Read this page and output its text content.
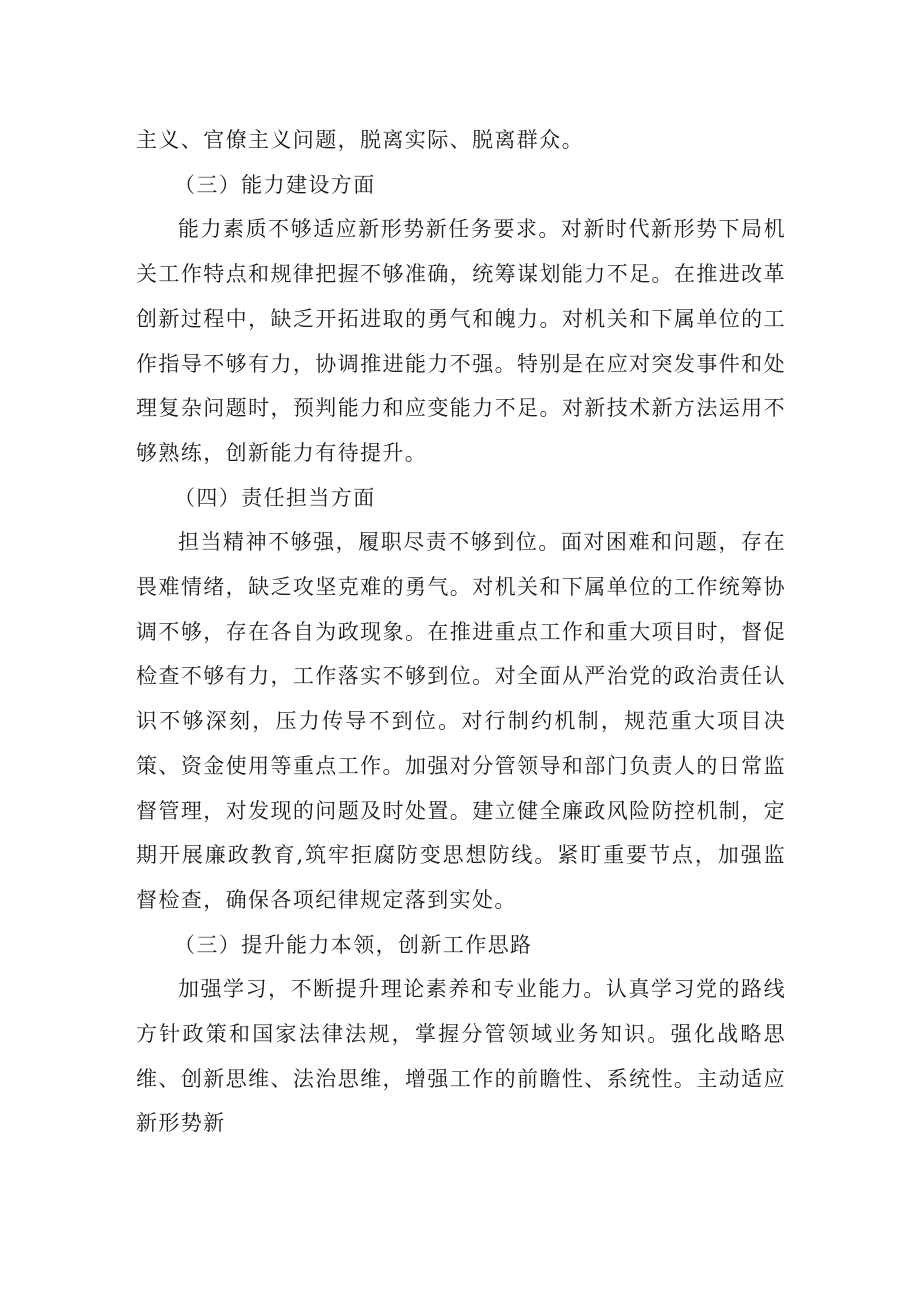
主义、官僚主义问题，脱离实际、脱离群众。

（三）能力建设方面

能力素质不够适应新形势新任务要求。对新时代新形势下局机关工作特点和规律把握不够准确，统筹谋划能力不足。在推进改革创新过程中，缺乏开拓进取的勇气和魄力。对机关和下属单位的工作指导不够有力，协调推进能力不强。特别是在应对突发事件和处理复杂问题时，预判能力和应变能力不足。对新技术新方法运用不够熟练，创新能力有待提升。

（四）责任担当方面

担当精神不够强，履职尽责不够到位。面对困难和问题，存在畏难情绪，缺乏攻坚克难的勇气。对机关和下属单位的工作统筹协调不够，存在各自为政现象。在推进重点工作和重大项目时，督促检查不够有力，工作落实不够到位。对全面从严治党的政治责任认识不够深刻，压力传导不到位。对行制约机制，规范重大项目决策、资金使用等重点工作。加强对分管领导和部门负责人的日常监督管理，对发现的问题及时处置。建立健全廉政风险防控机制，定期开展廉政教育,筑牢拒腐防变思想防线。紧盯重要节点，加强监督检查，确保各项纪律规定落到实处。

（三）提升能力本领，创新工作思路

加强学习，不断提升理论素养和专业能力。认真学习党的路线方针政策和国家法律法规，掌握分管领域业务知识。强化战略思维、创新思维、法治思维，增强工作的前瞻性、系统性。主动适应新形势新
